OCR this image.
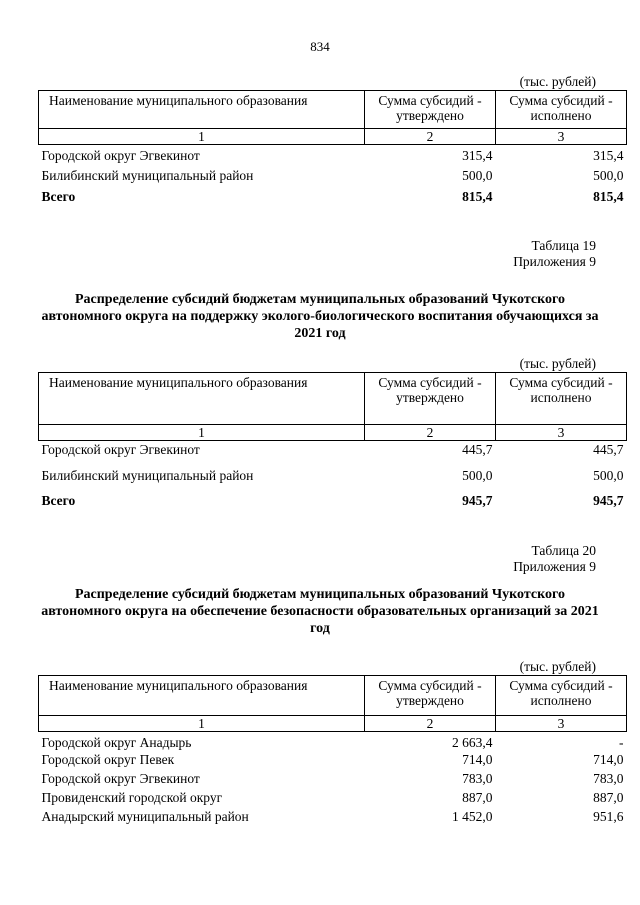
834
(тыс. рублей)
Наименование муниципального образования	Сумма субсидий - утверждено	Сумма субсидий - исполнено
1	2	3
Городской округ Эгвекинот	315,4	315,4
Билибинский муниципальный район	500,0	500,0
Всего	815,4	815,4
Таблица 19
Приложения 9
Распределение субсидий бюджетам муниципальных образований Чукотского автономного округа на поддержку эколого-биологического воспитания обучающихся за 2021 год
(тыс. рублей)
Наименование муниципального образования	Сумма субсидий - утверждено	Сумма субсидий - исполнено
1	2	3
Городской округ Эгвекинот	445,7	445,7
Билибинский муниципальный район	500,0	500,0
Всего	945,7	945,7
Таблица 20
Приложения 9
Распределение субсидий бюджетам муниципальных образований Чукотского автономного округа на обеспечение безопасности образовательных организаций за 2021 год
(тыс. рублей)
Наименование муниципального образования	Сумма субсидий - утверждено	Сумма субсидий - исполнено
1	2	3
Городской округ Анадырь	2 663,4	-
Городской округ Певек	714,0	714,0
Городской округ Эгвекинот	783,0	783,0
Провиденский городской округ	887,0	887,0
Анадырский муниципальный район	1 452,0	951,6
